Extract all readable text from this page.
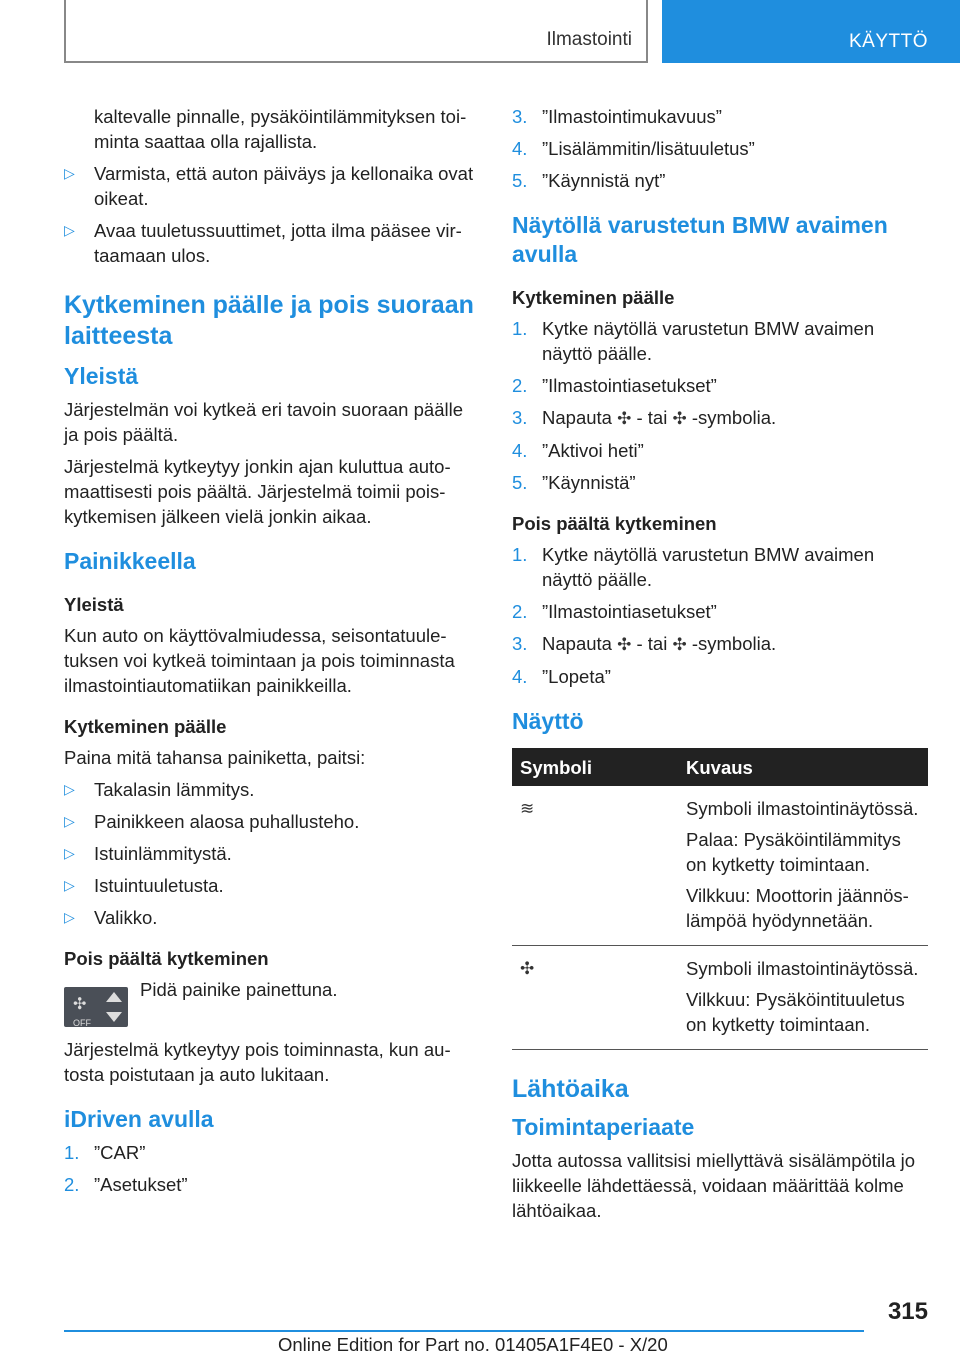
Ilmastointi	KÄYTTÖ

kaltevalle pinnalle, pysäköintilämmityksen toiminta saattaa olla rajallista.

▷ Varmista, että auton päiväys ja kellonaika ovat oikeat.
▷ Avaa tuuletussuuttimet, jotta ilma pääsee virtaamaan ulos.
Kytkeminen päälle ja pois suoraan laitteesta
Yleistä

Järjestelmän voi kytkeä eri tavoin suoraan päälle ja pois päältä.

Järjestelmä kytkeytyy jonkin ajan kuluttua automaattisesti pois päältä. Järjestelmä toimii poiskytkemisen jälkeen vielä jonkin aikaa.

Painikkeella
Yleistä

Kun auto on käyttövalmiudessa, seisontatuuletuksen voi kytkeä toimintaan ja pois toiminnasta ilmastointiautomatiikan painikkeilla.

Kytkeminen päälle

Paina mitä tahansa painiketta, paitsi:

▷ Takalasin lämmitys.
▷ Painikkeen alaosa puhallusteho.
▷ Istuinlämmitystä.
▷ Istuintuuletusta.
▷ Valikko.
Pois päältä kytkeminen
✣
OFF
Pidä painike painettuna.

Järjestelmä kytkeytyy pois toiminnasta, kun autosta poistutaan ja auto lukitaan.

iDriven avulla
1. ”CAR”
2. ”Asetukset”
3. ”Ilmastointimukavuus”
4. ”Lisälämmitin/lisätuuletus”
5. ”Käynnistä nyt”
Näytöllä varustetun BMW avaimen avulla
Kytkeminen päälle
1. Kytke näytöllä varustetun BMW avaimen näyttö päälle.
2. ”Ilmastointiasetukset”
3. Napauta ✣ - tai ✣ -symbolia.
4. ”Aktivoi heti”
5. ”Käynnistä”
Pois päältä kytkeminen
1. Kytke näytöllä varustetun BMW avaimen näyttö päälle.
2. ”Ilmastointiasetukset”
3. Napauta ✣ - tai ✣ -symbolia.
4. ”Lopeta”
Näyttö
Symboli	Kuvaus
≋	Symboli ilmastointinäytössä.

Palaa: Pysäköintilämmitys on kytketty toimintaan.

Vilkkuu: Moottorin jäännöslämpöä hyödynnetään.

✣	Symboli ilmastointinäytössä.

Vilkkuu: Pysäköintituuletus on kytketty toimintaan.

Lähtöaika
Toimintaperiaate

Jotta autossa vallitsisi miellyttävä sisälämpötila jo liikkeelle lähdettäessä, voidaan määrittää kolme lähtöaikaa.

315
Online Edition for Part no. 01405A1F4E0 - X/20
